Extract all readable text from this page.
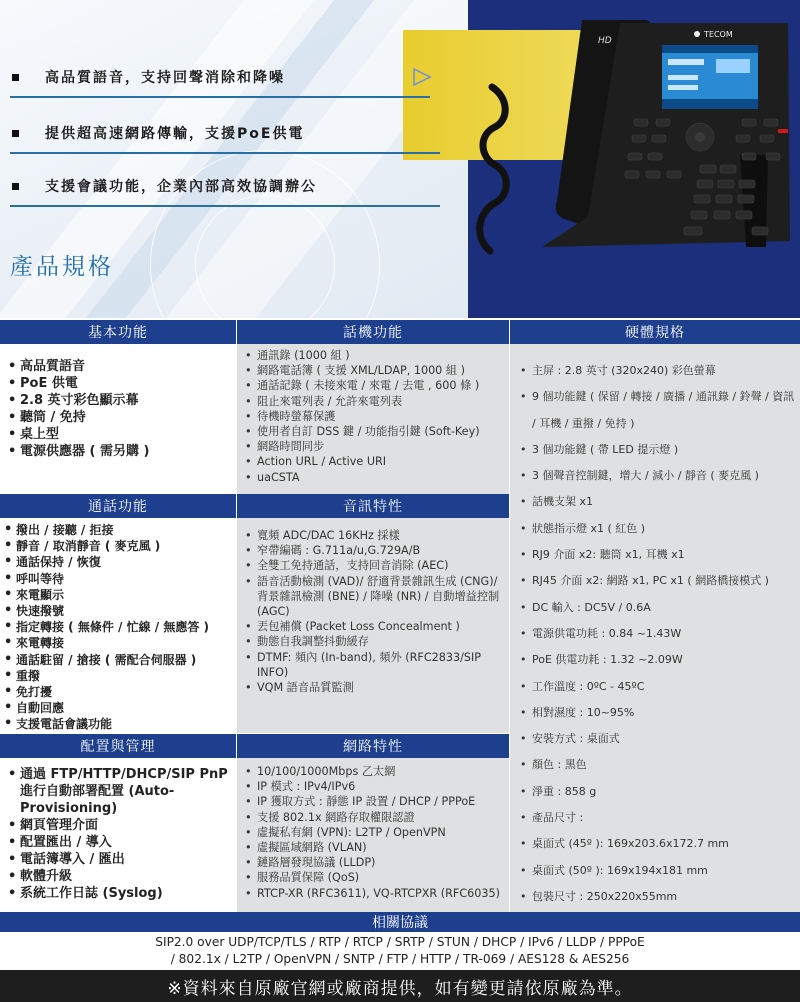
高品質語音，支持回聲消除和降噪
提供超高速網路傳輸，支援PoE供電
支援會議功能，企業內部高效協調辦公
產品規格
HD
TECOM
基本功能	話機功能	硬體規格
• 高品質語音
• PoE 供電
• 2.8 英寸彩色顯示幕
• 聽筒 / 免持
• 桌上型
• 電源供應器 ( 需另購 )
• 通訊錄 (1000 組 )
• 網路電話簿 ( 支援 XML/LDAP, 1000 組 )
• 通話記錄 ( 未接來電 / 來電 / 去電 , 600 條 )
• 阻止來電列表 / 允許來電列表
• 待機時螢幕保護
• 使用者自訂 DSS 鍵 / 功能指引鍵 (Soft-Key)
• 網路時間同步
• Action URL / Active URI
• uaCSTA
• 主屏 : 2.8 英寸 (320x240) 彩色螢幕
• 9 個功能鍵 ( 保留 / 轉接 / 廣播 / 通訊錄 / 鈴聲 / 資訊 / 耳機 / 重撥 / 免持 )
• 3 個功能鍵 ( 帶 LED 提示燈 )
• 3 個聲音控制鍵，增大 / 減小 / 靜音 ( 麥克風 )
• 話機支架 x1
• 狀態指示燈 x1 ( 紅色 )
• RJ9 介面 x2: 聽筒 x1, 耳機 x1
• RJ45 介面 x2: 網路 x1, PC x1 ( 網路橋接模式 )
• DC 輸入 : DC5V / 0.6A
• 電源供電功耗 : 0.84 ~1.43W
• PoE 供電功耗 : 1.32 ~2.09W
• 工作溫度 : 0ºC - 45ºC
• 相對濕度 : 10~95%
• 安裝方式 : 桌面式
• 顏色 : 黑色
• 淨重 : 858 g
• 產品尺寸 :
• 桌面式 (45º ): 169x203.6x172.7 mm
• 桌面式 (50º ): 169x194x181 mm
• 包裝尺寸 : 250x220x55mm
通話功能	音訊特性
• 撥出 / 接聽 / 拒接
• 靜音 / 取消靜音 ( 麥克風 )
• 通話保持 / 恢復
• 呼叫等待
• 來電顯示
• 快速撥號
• 指定轉接 ( 無條件 / 忙線 / 無應答 )
• 來電轉接
• 通話駐留 / 搶接 ( 需配合伺服器 )
• 重撥
• 免打擾
• 自動回應
• 支援電話會議功能
• 寬頻 ADC/DAC 16KHz 採樣
• 窄帶編碼 : G.711a/u,G.729A/B
• 全雙工免持通話，支持回音消除 (AEC)
• 語音活動檢測 (VAD)/ 舒適背景雜訊生成 (CNG)/ 背景雜訊檢測 (BNE) / 降噪 (NR) / 自動增益控制 (AGC)
• 丟包補償 (Packet Loss Concealment )
• 動態自我調整抖動緩存
• DTMF: 頻內 (In-band), 頻外 (RFC2833/SIP INFO)
• VQM 語音品質監測
配置與管理	網路特性
• 通過 FTP/HTTP/DHCP/SIP PnP 進行自動部署配置 (Auto-Provisioning)
• 網頁管理介面
• 配置匯出 / 導入
• 電話簿導入 / 匯出
• 軟體升級
• 系統工作日誌 (Syslog)
• 10/100/1000Mbps 乙太網
• IP 模式 : IPv4/IPv6
• IP 獲取方式 : 靜態 IP 設置 / DHCP / PPPoE
• 支援 802.1x 網路存取權限認證
• 虛擬私有網 (VPN): L2TP / OpenVPN
• 虛擬區域網路 (VLAN)
• 鏈路層發現協議 (LLDP)
• 服務品質保障 (QoS)
• RTCP-XR (RFC3611), VQ-RTCPXR (RFC6035)
相關協議
SIP2.0 over UDP/TCP/TLS / RTP / RTCP / SRTP / STUN / DHCP / IPv6 / LLDP / PPPoE
/ 802.1x / L2TP / OpenVPN / SNTP / FTP / HTTP / TR-069 / AES128 & AES256
※資料來自原廠官網或廠商提供，如有變更請依原廠為準。
